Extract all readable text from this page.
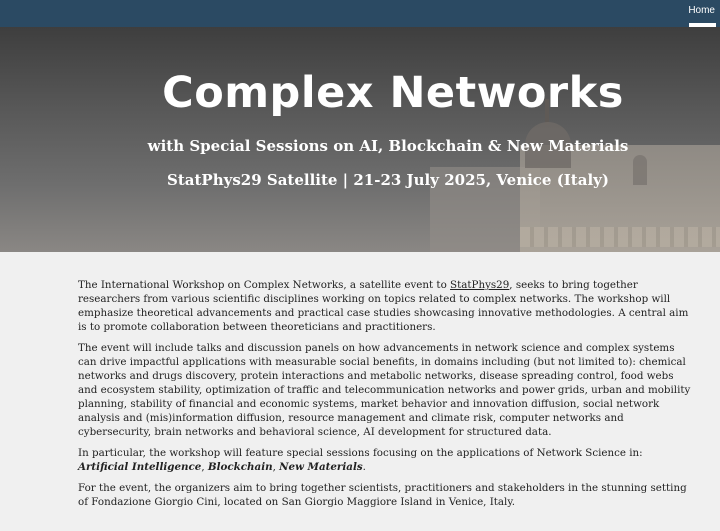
Home
Complex Networks
with Special Sessions on AI, Blockchain & New Materials
StatPhys29 Satellite | 21-23 July 2025, Venice (Italy)

The International Workshop on Complex Networks, a satellite event to StatPhys29, seeks to bring together researchers from various scientific disciplines working on topics related to complex networks. The workshop will emphasize theoretical advancements and practical case studies showcasing innovative methodologies. A central aim is to promote collaboration between theoreticians and practitioners.

The event will include talks and discussion panels on how advancements in network science and complex systems can drive impactful applications with measurable social benefits, in domains including (but not limited to): chemical networks and drugs discovery, protein interactions and metabolic networks, disease spreading control, food webs and ecosystem stability, optimization of traffic and telecommunication networks and power grids, urban and mobility planning, stability of financial and economic systems, market behavior and innovation diffusion, social network analysis and (mis)information diffusion, resource management and climate risk, computer networks and cybersecurity, brain networks and behavioral science, AI development for structured data.

In particular, the workshop will feature special sessions focusing on the applications of Network Science in: Artificial Intelligence, Blockchain, New Materials.

For the event, the organizers aim to bring together scientists, practitioners and stakeholders in the stunning setting of Fondazione Giorgio Cini, located on San Giorgio Maggiore Island in Venice, Italy.
